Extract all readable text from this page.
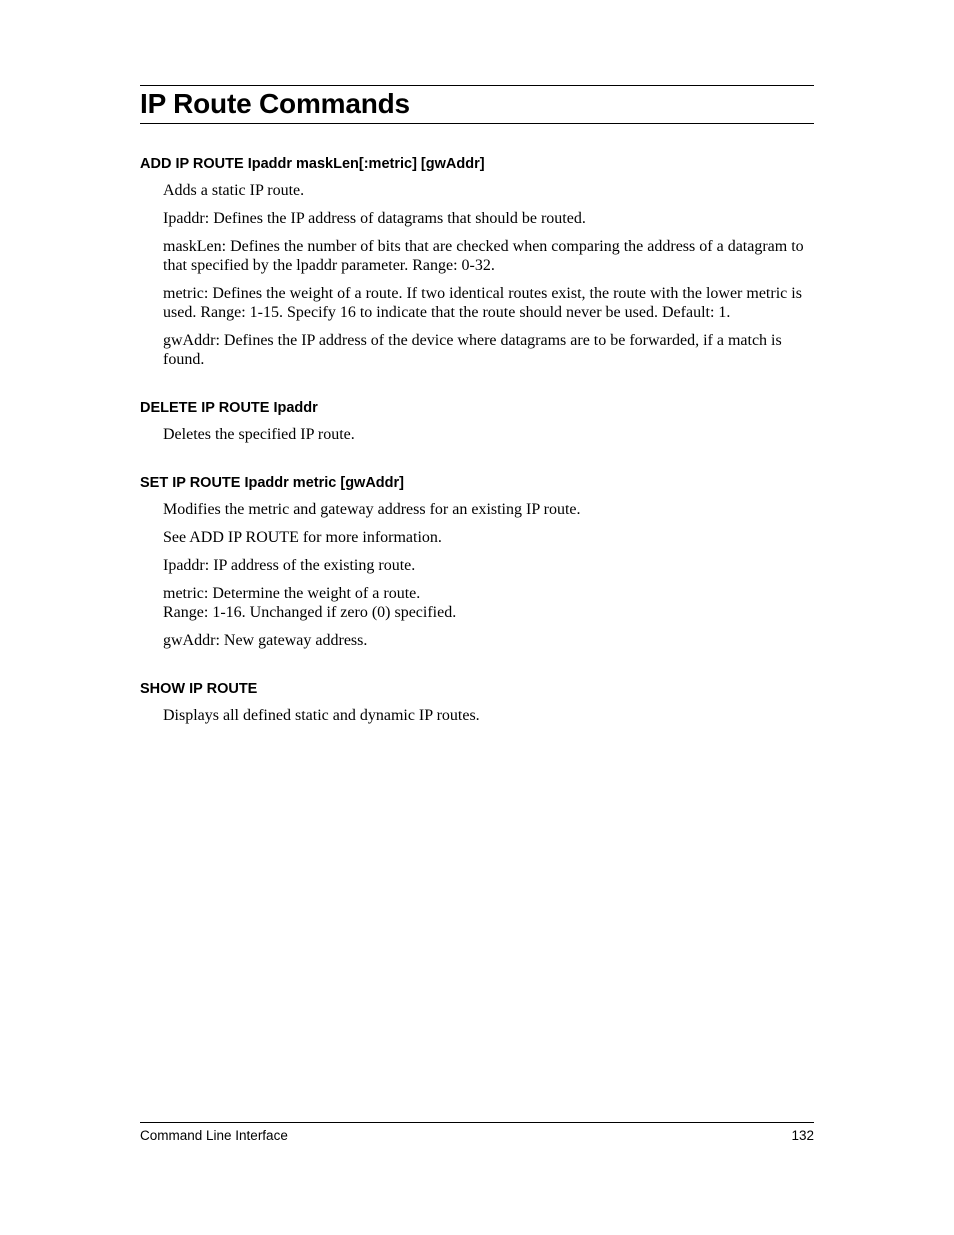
IP Route Commands
ADD IP ROUTE Ipaddr maskLen[:metric] [gwAddr]
Adds a static IP route.
Ipaddr: Defines the IP address of datagrams that should be routed.
maskLen: Defines the number of bits that are checked when comparing the address of a datagram to that specified by the lpaddr parameter. Range: 0-32.
metric: Defines the weight of a route. If two identical routes exist, the route with the lower metric is used. Range: 1-15. Specify 16 to indicate that the route should never be used. Default: 1.
gwAddr: Defines the IP address of the device where datagrams are to be forwarded, if a match is found.
DELETE IP ROUTE Ipaddr
Deletes the specified IP route.
SET IP ROUTE Ipaddr metric [gwAddr]
Modifies the metric and gateway address for an existing IP route.
See ADD IP ROUTE for more information.
Ipaddr: IP address of the existing route.
metric: Determine the weight of a route.
Range: 1-16. Unchanged if zero (0) specified.
gwAddr: New gateway address.
SHOW IP ROUTE
Displays all defined static and dynamic IP routes.
Command Line Interface	132
